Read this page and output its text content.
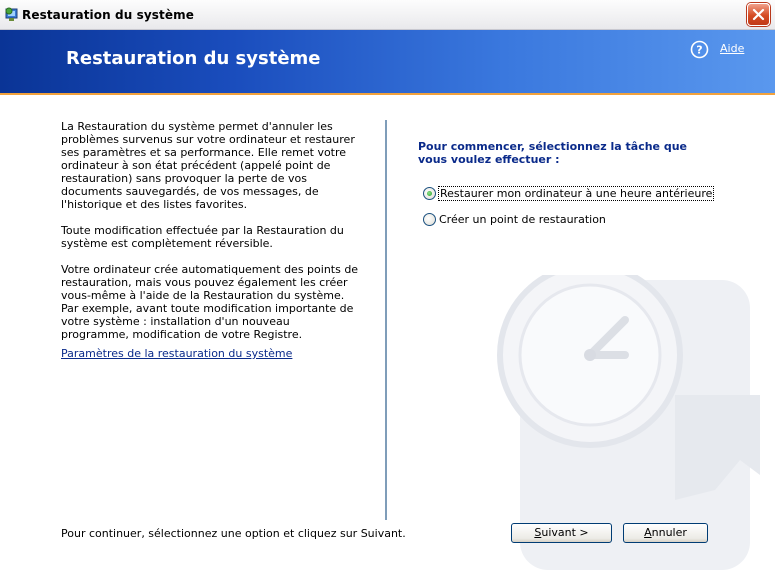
Restauration du système
Restauration du système	? Aide

La Restauration du système permet d'annuler les problèmes survenus sur votre ordinateur et restaurer ses paramètres et sa performance. Elle remet votre ordinateur à son état précédent (appelé point de restauration) sans provoquer la perte de vos documents sauvegardés, de vos messages, de l'historique et des listes favorites.

Toute modification effectuée par la Restauration du système est complètement réversible.

Votre ordinateur crée automatiquement des points de restauration, mais vous pouvez également les créer vous-même à l'aide de la Restauration du système. Par exemple, avant toute modification importante de votre système : installation d'un nouveau programme, modification de votre Registre.

Paramètres de la restauration du système
Pour commencer, sélectionnez la tâche que vous voulez effectuer :
Restaurer mon ordinateur à une heure antérieure
Créer un point de restauration
Pour continuer, sélectionnez une option et cliquez sur Suivant.	Suivant >	Annuler
